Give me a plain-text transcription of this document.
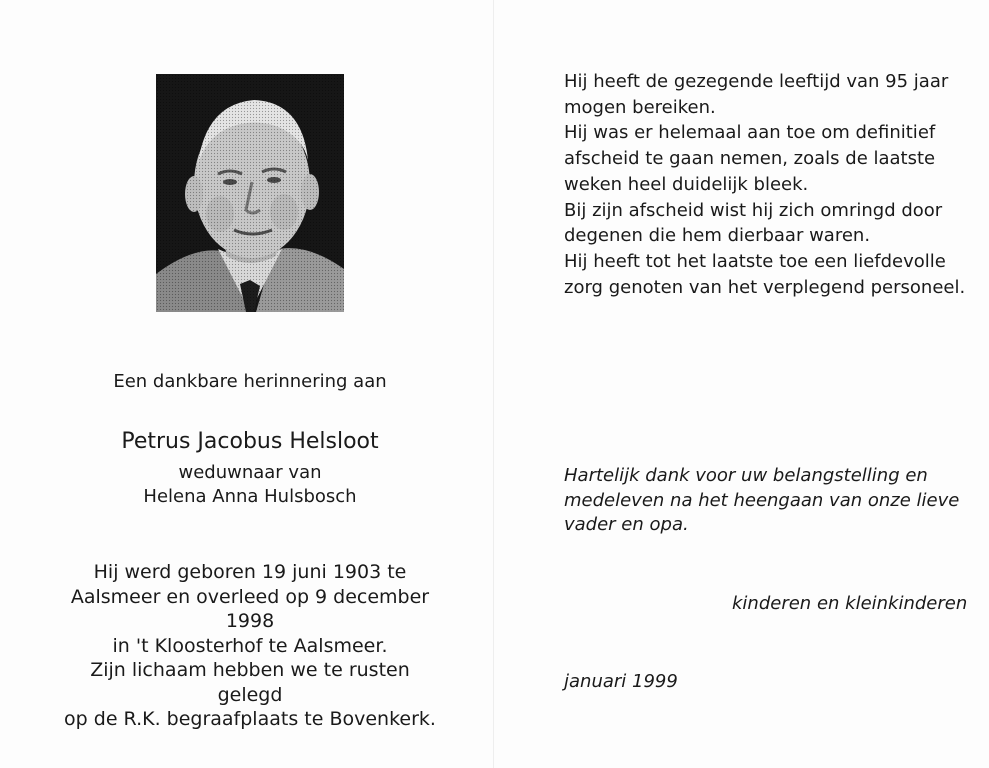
Een dankbare herinnering aan
Petrus Jacobus Helsloot
weduwnaar van
Helena Anna Hulsbosch

Hij werd geboren 19 juni 1903 te

Aalsmeer en overleed op 9 december 1998

in 't Kloosterhof te Aalsmeer.

Zijn lichaam hebben we te rusten gelegd

op de R.K. begraafplaats te Bovenkerk.

Hij heeft de gezegende leeftijd van 95 jaar

mogen bereiken.

Hij was er helemaal aan toe om definitief

afscheid te gaan nemen, zoals de laatste

weken heel duidelijk bleek.

Bij zijn afscheid wist hij zich omringd door

degenen die hem dierbaar waren.

Hij heeft tot het laatste toe een liefdevolle

zorg genoten van het verplegend personeel.

Hartelijk dank voor uw belangstelling en

medeleven na het heengaan van onze lieve

vader en opa.

kinderen en kleinkinderen
januari 1999
